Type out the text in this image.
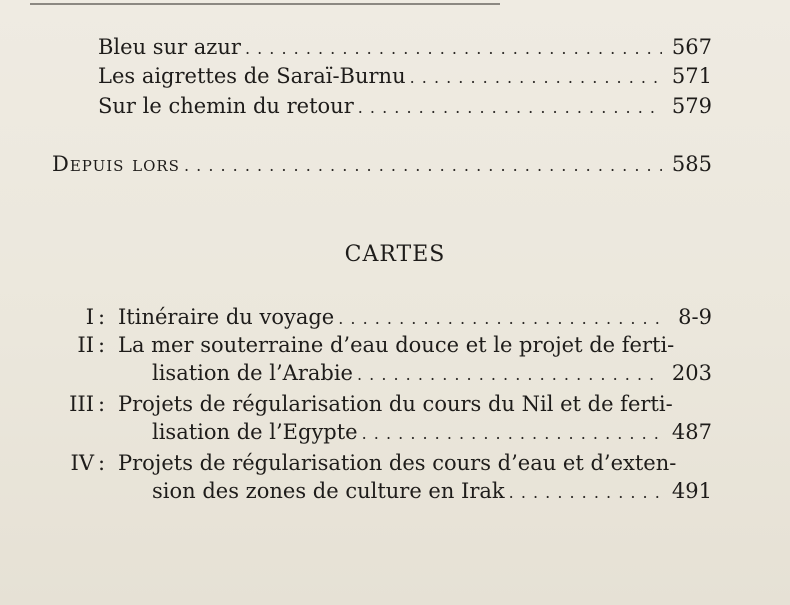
Bleu sur azur . . .	567
Les aigrettes de Saraï-Burnu . . .	571
Sur le chemin du retour . . .	579
Depuis lors . . .	585
CARTES
I : Itinéraire du voyage . . .	8-9
II : La mer souterraine d’eau douce et le projet de ferti-
lisation de l’Arabie . . .	203
III : Projets de régularisation du cours du Nil et de ferti-
lisation de l’Egypte . . .	487
IV : Projets de régularisation des cours d’eau et d’exten-
sion des zones de culture en Irak . . .	491
